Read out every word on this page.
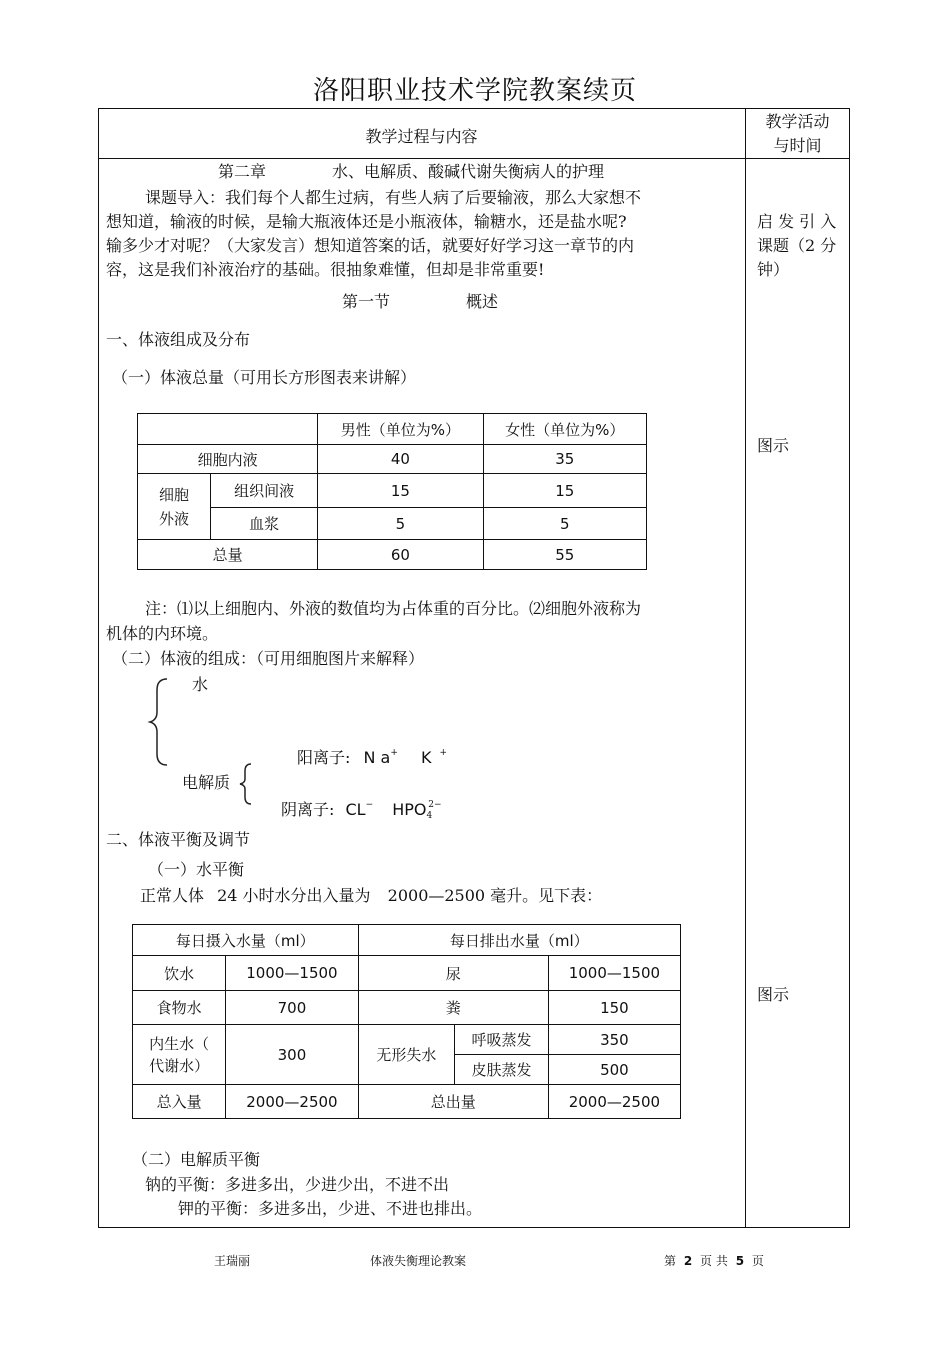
洛阳职业技术学院教案续页
教学过程与内容
教学活动
与时间
第二章	水、电解质、酸碱代谢失衡病人的护理
课题导入：我们每个人都生过病，有些人病了后要输液，那么大家想不
想知道，输液的时候，是输大瓶液体还是小瓶液体，输糖水，还是盐水呢?
输多少才对呢？（大家发言）想知道答案的话，就要好好学习这一章节的内
容，这是我们补液治疗的基础。很抽象难懂，但却是非常重要!
第一节	概述
一、体液组成及分布
（一）体液总量（可用长方形图表来讲解）
		男性（单位为%）	女性（单位为%）
细胞内液		40	35

细胞
外液	组织间液	15	15
	血浆	5	5
总量		60	55
注：⑴以上细胞内、外液的数值均为占体重的百分比。⑵细胞外液称为
机体的内环境。
（二）体液的组成：（可用细胞图片来解释）
水
电解质
阳离子: N a+ K +
阴离子: CL− $HPO4^{2-}$
二、体液平衡及调节
（一）水平衡
正常人体 24 小时水分出入量为 2000—2500 毫升。见下表：
每日摄入水量（ml）		每日排出水量（ml）		
饮水	1000—1500	尿		1000—1500
食物水	700	粪		150

内生水（
代谢水）	300	无形失水	呼吸蒸发	350
			皮肤蒸发	500
总入量	2000—2500	总出量		2000—2500
（二）电解质平衡
钠的平衡：多进多出，少进少出，不进不出
钾的平衡：多进多出，少进、不进也排出。
启 发 引 入
课题（2 分
钟）
图示
图示
王瑞丽	体液失衡理论教案	第 2 页 共 5 页
